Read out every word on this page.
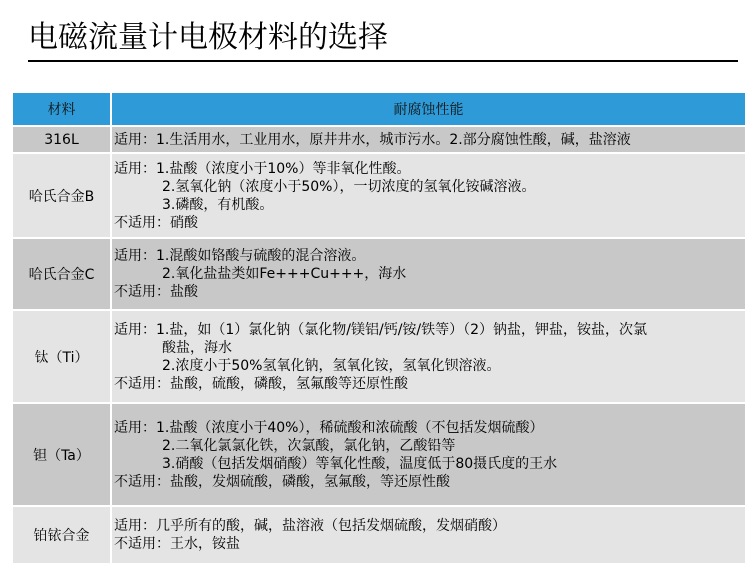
电磁流量计电极材料的选择
材料	耐腐蚀性能
316L	适用：1.生活用水，工业用水，原井井水，城市污水。2.部分腐蚀性酸，碱，盐溶液

哈氏合金B	适用：1.盐酸（浓度小于10%）等非氧化性酸。
2.氢氧化钠（浓度小于50%），一切浓度的氢氧化铵碱溶液。
3.磷酸，有机酸。
不适用：硝酸

哈氏合金C	适用：1.混酸如铬酸与硫酸的混合溶液。
2.氧化盐盐类如Fe+++Cu+++，海水
不适用：盐酸

钛（Ti）	适用：1.盐，如（1）氯化钠（氯化物/镁铝/钙/铵/铁等）（2）钠盐，钾盐，铵盐，次氯
酸盐，海水
2.浓度小于50%氢氧化钠，氢氧化铵，氢氧化钡溶液。
不适用：盐酸，硫酸，磷酸，氢氟酸等还原性酸

钽（Ta）	适用：1.盐酸（浓度小于40%），稀硫酸和浓硫酸（不包括发烟硫酸）
2.二氧化氯氯化铁，次氯酸，氯化钠，乙酸铅等
3.硝酸（包括发烟硝酸）等氧化性酸，温度低于80摄氏度的王水
不适用：盐酸，发烟硫酸，磷酸，氢氟酸，等还原性酸

铂铱合金	适用：几乎所有的酸，碱，盐溶液（包括发烟硫酸，发烟硝酸）
不适用：王水，铵盐
